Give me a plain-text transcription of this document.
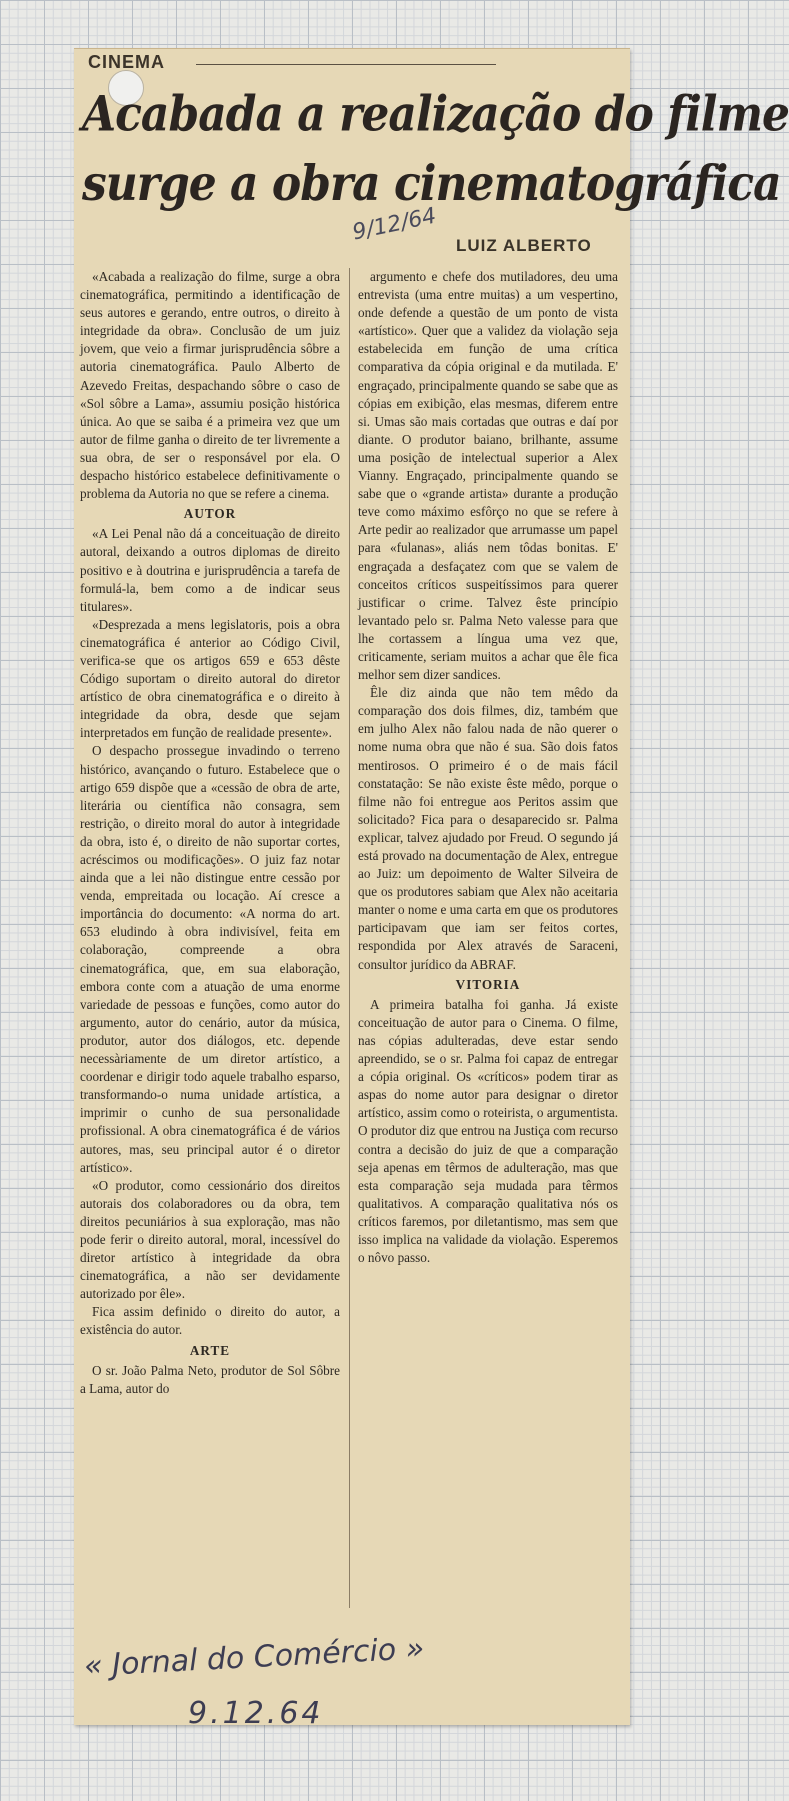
CINEMA
Acabada a realização do filme
surge a obra cinematográfica
9/12/64 LUIZ ALBERTO

«Acabada a realização do filme, surge a obra cinematográfica, permitindo a identificação de seus autores e gerando, entre outros, o direito à integridade da obra». Conclusão de um juiz jovem, que veio a firmar jurisprudência sôbre a autoria cinematográfica. Paulo Alberto de Azevedo Freitas, despachando sôbre o caso de «Sol sôbre a Lama», assumiu posição histórica única. Ao que se saiba é a primeira vez que um autor de filme ganha o direito de ter livremente a sua obra, de ser o responsável por ela. O despacho histórico estabelece definitivamente o problema da Autoria no que se refere a cinema.

AUTOR

«A Lei Penal não dá a conceituação de direito autoral, deixando a outros diplomas de direito positivo e à doutrina e jurisprudência a tarefa de formulá-la, bem como a de indicar seus titulares».

«Desprezada a mens legislatoris, pois a obra cinematográfica é anterior ao Código Civil, verifica-se que os artigos 659 e 653 dêste Código suportam o direito autoral do diretor artístico de obra cinematográfica e o direito à integridade da obra, desde que sejam interpretados em função de realidade presente».

O despacho prossegue invadindo o terreno histórico, avançando o futuro. Estabelece que o artigo 659 dispõe que a «cessão de obra de arte, literária ou científica não consagra, sem restrição, o direito moral do autor à integridade da obra, isto é, o direito de não suportar cortes, acréscimos ou modificações». O juiz faz notar ainda que a lei não distingue entre cessão por venda, empreitada ou locação. Aí cresce a importância do documento: «A norma do art. 653 eludindo à obra indivisível, feita em colaboração, compreende a obra cinematográfica, que, em sua elaboração, embora conte com a atuação de uma enorme variedade de pessoas e funções, como autor do argumento, autor do cenário, autor da música, produtor, autor dos diálogos, etc. depende necessàriamente de um diretor artístico, a coordenar e dirigir todo aquele trabalho esparso, transformando-o numa unidade artística, a imprimir o cunho de sua personalidade profissional. A obra cinematográfica é de vários autores, mas, seu principal autor é o diretor artístico».

«O produtor, como cessionário dos direitos autorais dos colaboradores ou da obra, tem direitos pecuniários à sua exploração, mas não pode ferir o direito autoral, moral, incessível do diretor artístico à integridade da obra cinematográfica, a não ser devidamente autorizado por êle».

Fica assim definido o direito do autor, a existência do autor.

ARTE

O sr. João Palma Neto, produtor de Sol Sôbre a Lama, autor do

argumento e chefe dos mutiladores, deu uma entrevista (uma entre muitas) a um vespertino, onde defende a questão de um ponto de vista «artístico». Quer que a validez da violação seja estabelecida em função de uma crítica comparativa da cópia original e da mutilada. E' engraçado, principalmente quando se sabe que as cópias em exibição, elas mesmas, diferem entre si. Umas são mais cortadas que outras e daí por diante. O produtor baiano, brilhante, assume uma posição de intelectual superior a Alex Vianny. Engraçado, principalmente quando se sabe que o «grande artista» durante a produção teve como máximo esfôrço no que se refere à Arte pedir ao realizador que arrumasse um papel para «fulanas», aliás nem tôdas bonitas. E' engraçada a desfaçatez com que se valem de conceitos críticos suspeitíssimos para querer justificar o crime. Talvez êste princípio levantado pelo sr. Palma Neto valesse para que lhe cortassem a língua uma vez que, criticamente, seriam muitos a achar que êle fica melhor sem dizer sandices.

Êle diz ainda que não tem mêdo da comparação dos dois filmes, diz, também que em julho Alex não falou nada de não querer o nome numa obra que não é sua. São dois fatos mentirosos. O primeiro é o de mais fácil constatação: Se não existe êste mêdo, porque o filme não foi entregue aos Peritos assim que solicitado? Fica para o desaparecido sr. Palma explicar, talvez ajudado por Freud. O segundo já está provado na documentação de Alex, entregue ao Juiz: um depoimento de Walter Silveira de que os produtores sabiam que Alex não aceitaria manter o nome e uma carta em que os produtores participavam que iam ser feitos cortes, respondida por Alex através de Saraceni, consultor jurídico da ABRAF.

VITORIA

A primeira batalha foi ganha. Já existe conceituação de autor para o Cinema. O filme, nas cópias adulteradas, deve estar sendo apreendido, se o sr. Palma foi capaz de entregar a cópia original. Os «críticos» podem tirar as aspas do nome autor para designar o diretor artístico, assim como o roteirista, o argumentista. O produtor diz que entrou na Justiça com recurso contra a decisão do juiz de que a comparação seja apenas em têrmos de adulteração, mas que esta comparação seja mudada para têrmos qualitativos. A comparação qualitativa nós os críticos faremos, por diletantismo, mas sem que isso implica na validade da violação. Esperemos o nôvo passo.

« Jornal do Comércio »
9.12.64
